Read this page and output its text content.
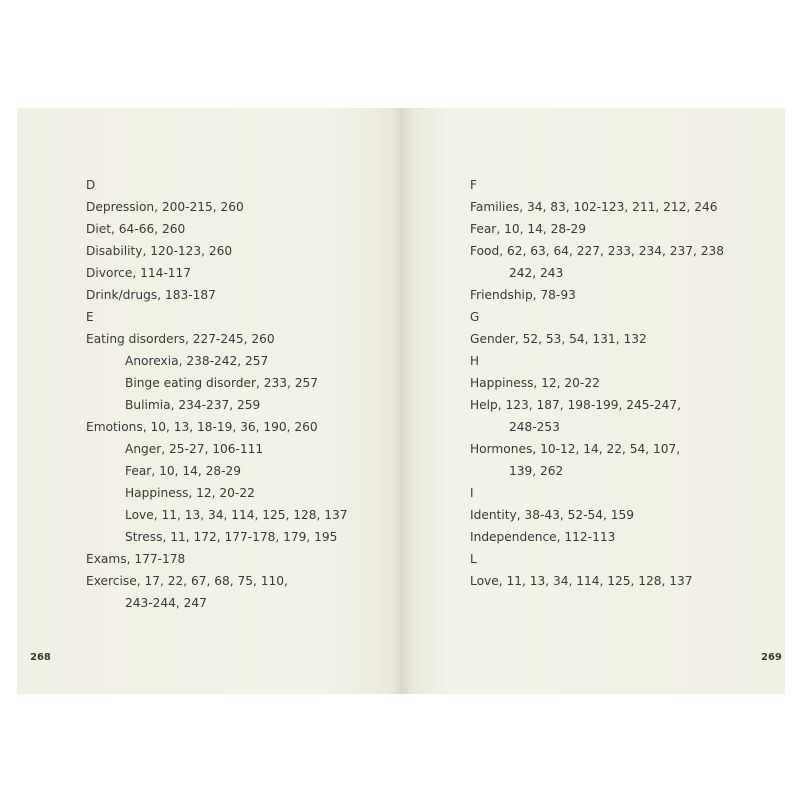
D
Depression, 200-215, 260
Diet, 64-66, 260
Disability, 120-123, 260
Divorce, 114-117
Drink/drugs, 183-187
E
Eating disorders, 227-245, 260
Anorexia, 238-242, 257
Binge eating disorder, 233, 257
Bulimia, 234-237, 259
Emotions, 10, 13, 18-19, 36, 190, 260
Anger, 25-27, 106-111
Fear, 10, 14, 28-29
Happiness, 12, 20-22
Love, 11, 13, 34, 114, 125, 128, 137
Stress, 11, 172, 177-178, 179, 195
Exams, 177-178
Exercise, 17, 22, 67, 68, 75, 110,
243-244, 247
268
F
Families, 34, 83, 102-123, 211, 212, 246
Fear, 10, 14, 28-29
Food, 62, 63, 64, 227, 233, 234, 237, 238
242, 243
Friendship, 78-93
G
Gender, 52, 53, 54, 131, 132
H
Happiness, 12, 20-22
Help, 123, 187, 198-199, 245-247,
248-253
Hormones, 10-12, 14, 22, 54, 107,
139, 262
I
Identity, 38-43, 52-54, 159
Independence, 112-113
L
Love, 11, 13, 34, 114, 125, 128, 137
269
